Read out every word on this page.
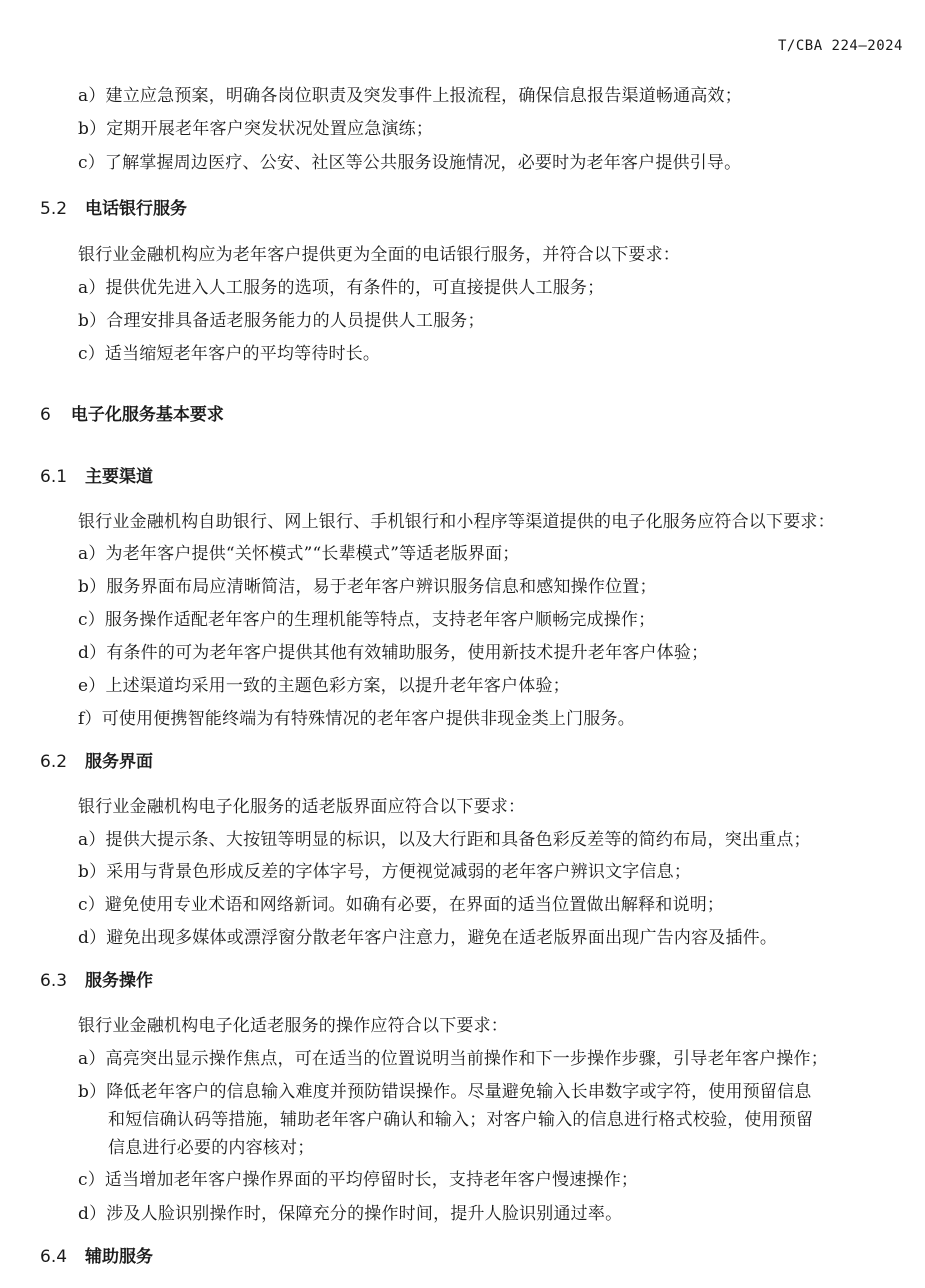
T/CBA 224—2024
a）建立应急预案，明确各岗位职责及突发事件上报流程，确保信息报告渠道畅通高效；
b）定期开展老年客户突发状况处置应急演练；
c）了解掌握周边医疗、公安、社区等公共服务设施情况，必要时为老年客户提供引导。
5.2 电话银行服务
银行业金融机构应为老年客户提供更为全面的电话银行服务，并符合以下要求：
a）提供优先进入人工服务的选项，有条件的，可直接提供人工服务；
b）合理安排具备适老服务能力的人员提供人工服务；
c）适当缩短老年客户的平均等待时长。
6 电子化服务基本要求
6.1 主要渠道
银行业金融机构自助银行、网上银行、手机银行和小程序等渠道提供的电子化服务应符合以下要求：
a）为老年客户提供“关怀模式”“长辈模式”等适老版界面；
b）服务界面布局应清晰简洁，易于老年客户辨识服务信息和感知操作位置；
c）服务操作适配老年客户的生理机能等特点，支持老年客户顺畅完成操作；
d）有条件的可为老年客户提供其他有效辅助服务，使用新技术提升老年客户体验；
e）上述渠道均采用一致的主题色彩方案，以提升老年客户体验；
f）可使用便携智能终端为有特殊情况的老年客户提供非现金类上门服务。
6.2 服务界面
银行业金融机构电子化服务的适老版界面应符合以下要求：
a）提供大提示条、大按钮等明显的标识，以及大行距和具备色彩反差等的简约布局，突出重点；
b）采用与背景色形成反差的字体字号，方便视觉减弱的老年客户辨识文字信息；
c）避免使用专业术语和网络新词。如确有必要，在界面的适当位置做出解释和说明；
d）避免出现多媒体或漂浮窗分散老年客户注意力，避免在适老版界面出现广告内容及插件。
6.3 服务操作
银行业金融机构电子化适老服务的操作应符合以下要求：
a）高亮突出显示操作焦点，可在适当的位置说明当前操作和下一步操作步骤，引导老年客户操作；
b）降低老年客户的信息输入难度并预防错误操作。尽量避免输入长串数字或字符，使用预留信息
和短信确认码等措施，辅助老年客户确认和输入；对客户输入的信息进行格式校验，使用预留
信息进行必要的内容核对；
c）适当增加老年客户操作界面的平均停留时长，支持老年客户慢速操作；
d）涉及人脸识别操作时，保障充分的操作时间，提升人脸识别通过率。
6.4 辅助服务
